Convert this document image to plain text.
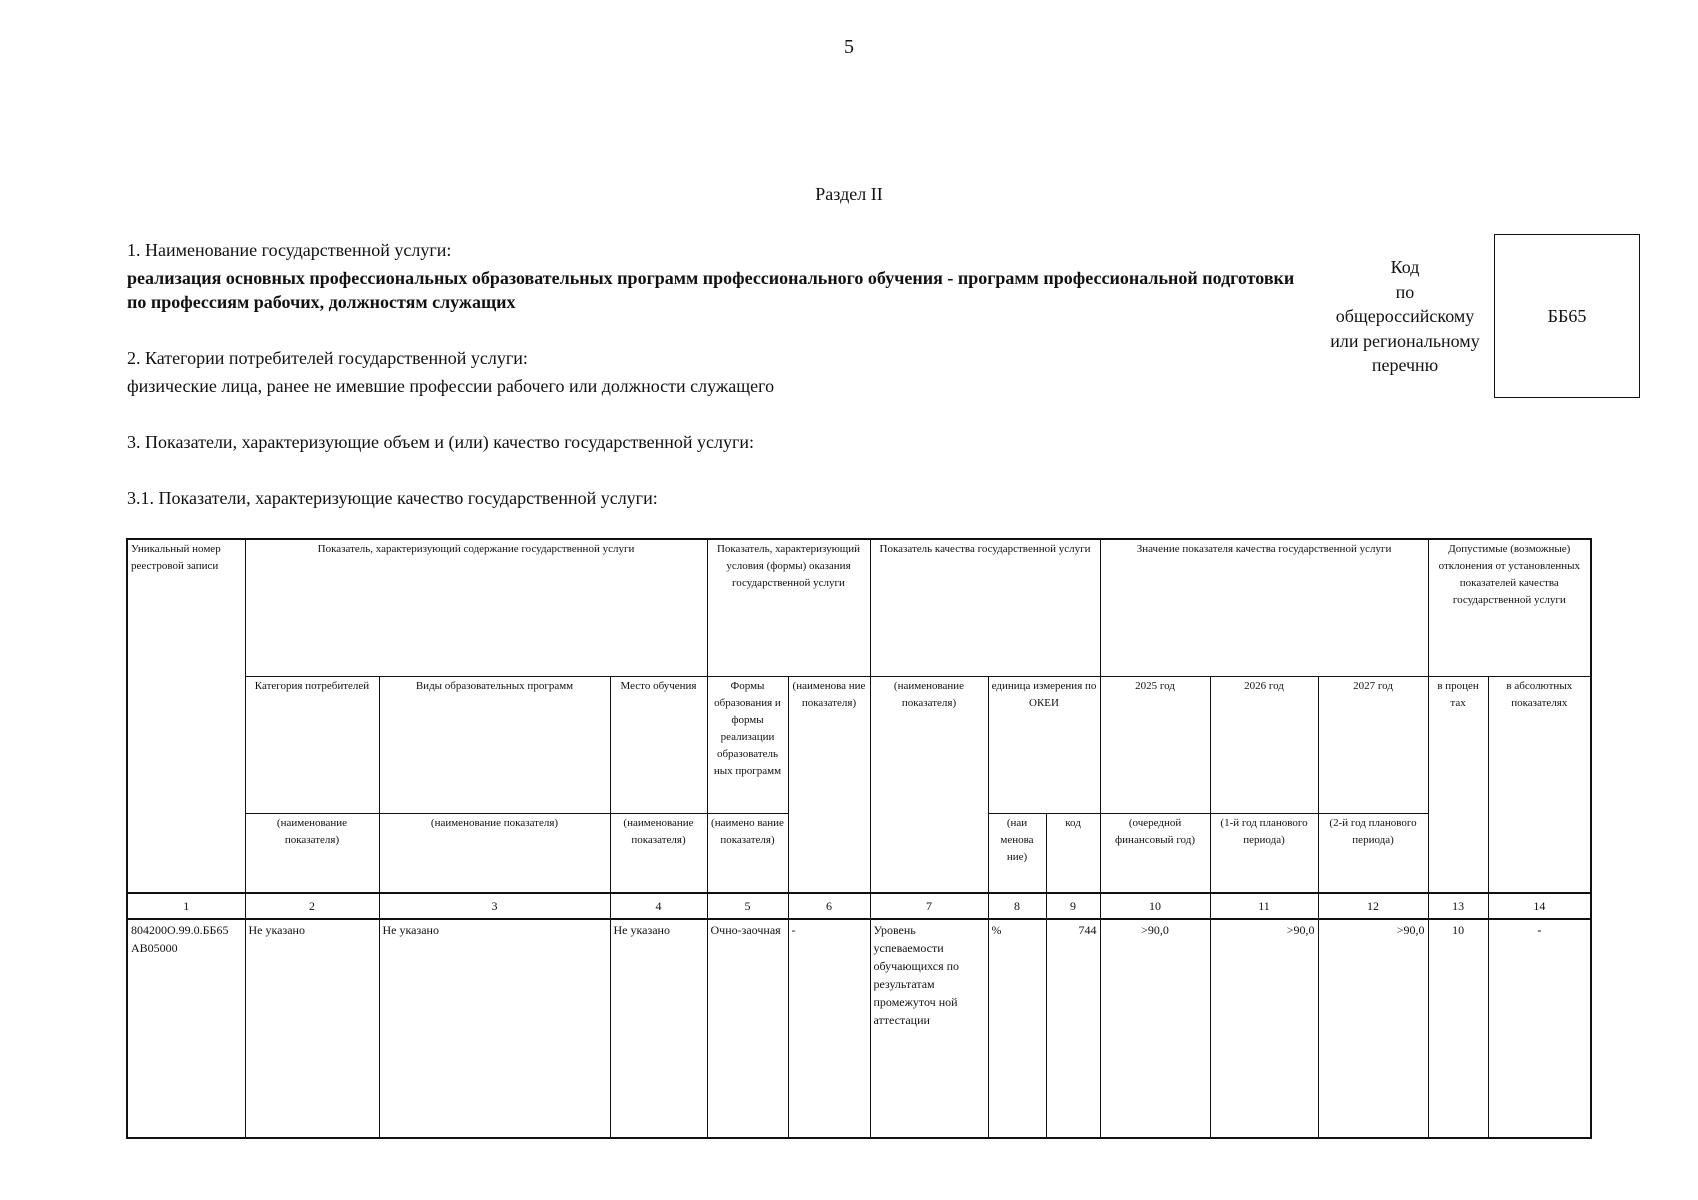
5
Раздел II
1. Наименование государственной услуги:
реализация основных профессиональных образовательных программ профессионального обучения - программ профессиональной подготовки по профессиям рабочих, должностям служащих
Код
по
общероссийскому
или региональному
перечню
ББ65
2. Категории потребителей государственной услуги:
физические лица, ранее не имевшие профессии рабочего или должности служащего
3. Показатели, характеризующие объем и (или) качество государственной услуги:
3.1. Показатели, характеризующие качество государственной услуги:
Уникальный номер реестровой записи	Показатель, характеризующий содержание государственной услуги			Показатель, характеризующий условия (формы) оказания государственной услуги		Показатель качества государственной услуги			Значение показателя качества государственной услуги			Допустимые (возможные) отклонения от установленных показателей качества государственной услуги	
	Категория потребителей	Виды образовательных программ	Место обучения	Формы образования и формы реализации образователь ных программ	(наименова ние показателя)	(наименование показателя)	единица измерения по ОКЕИ		2025 год	2026 год	2027 год	в процен тах	в абсолютных показателях
	(наименование показателя)	(наименование показателя)	(наименование показателя)	(наимено вание показателя)			(наи менова ние)	код	(очередной финансовый год)	(1-й год планового периода)	(2-й год планового периода)		
1	2	3	4	5	6	7	8	9	10	11	12	13	14
804200О.99.0.ББ65 АВ05000	Не указано	Не указано	Не указано	Очно-заочная	-	Уровень успеваемости обучающихся по результатам промежуточ ной аттестации	%	744	>90,0	>90,0	>90,0	10	-
